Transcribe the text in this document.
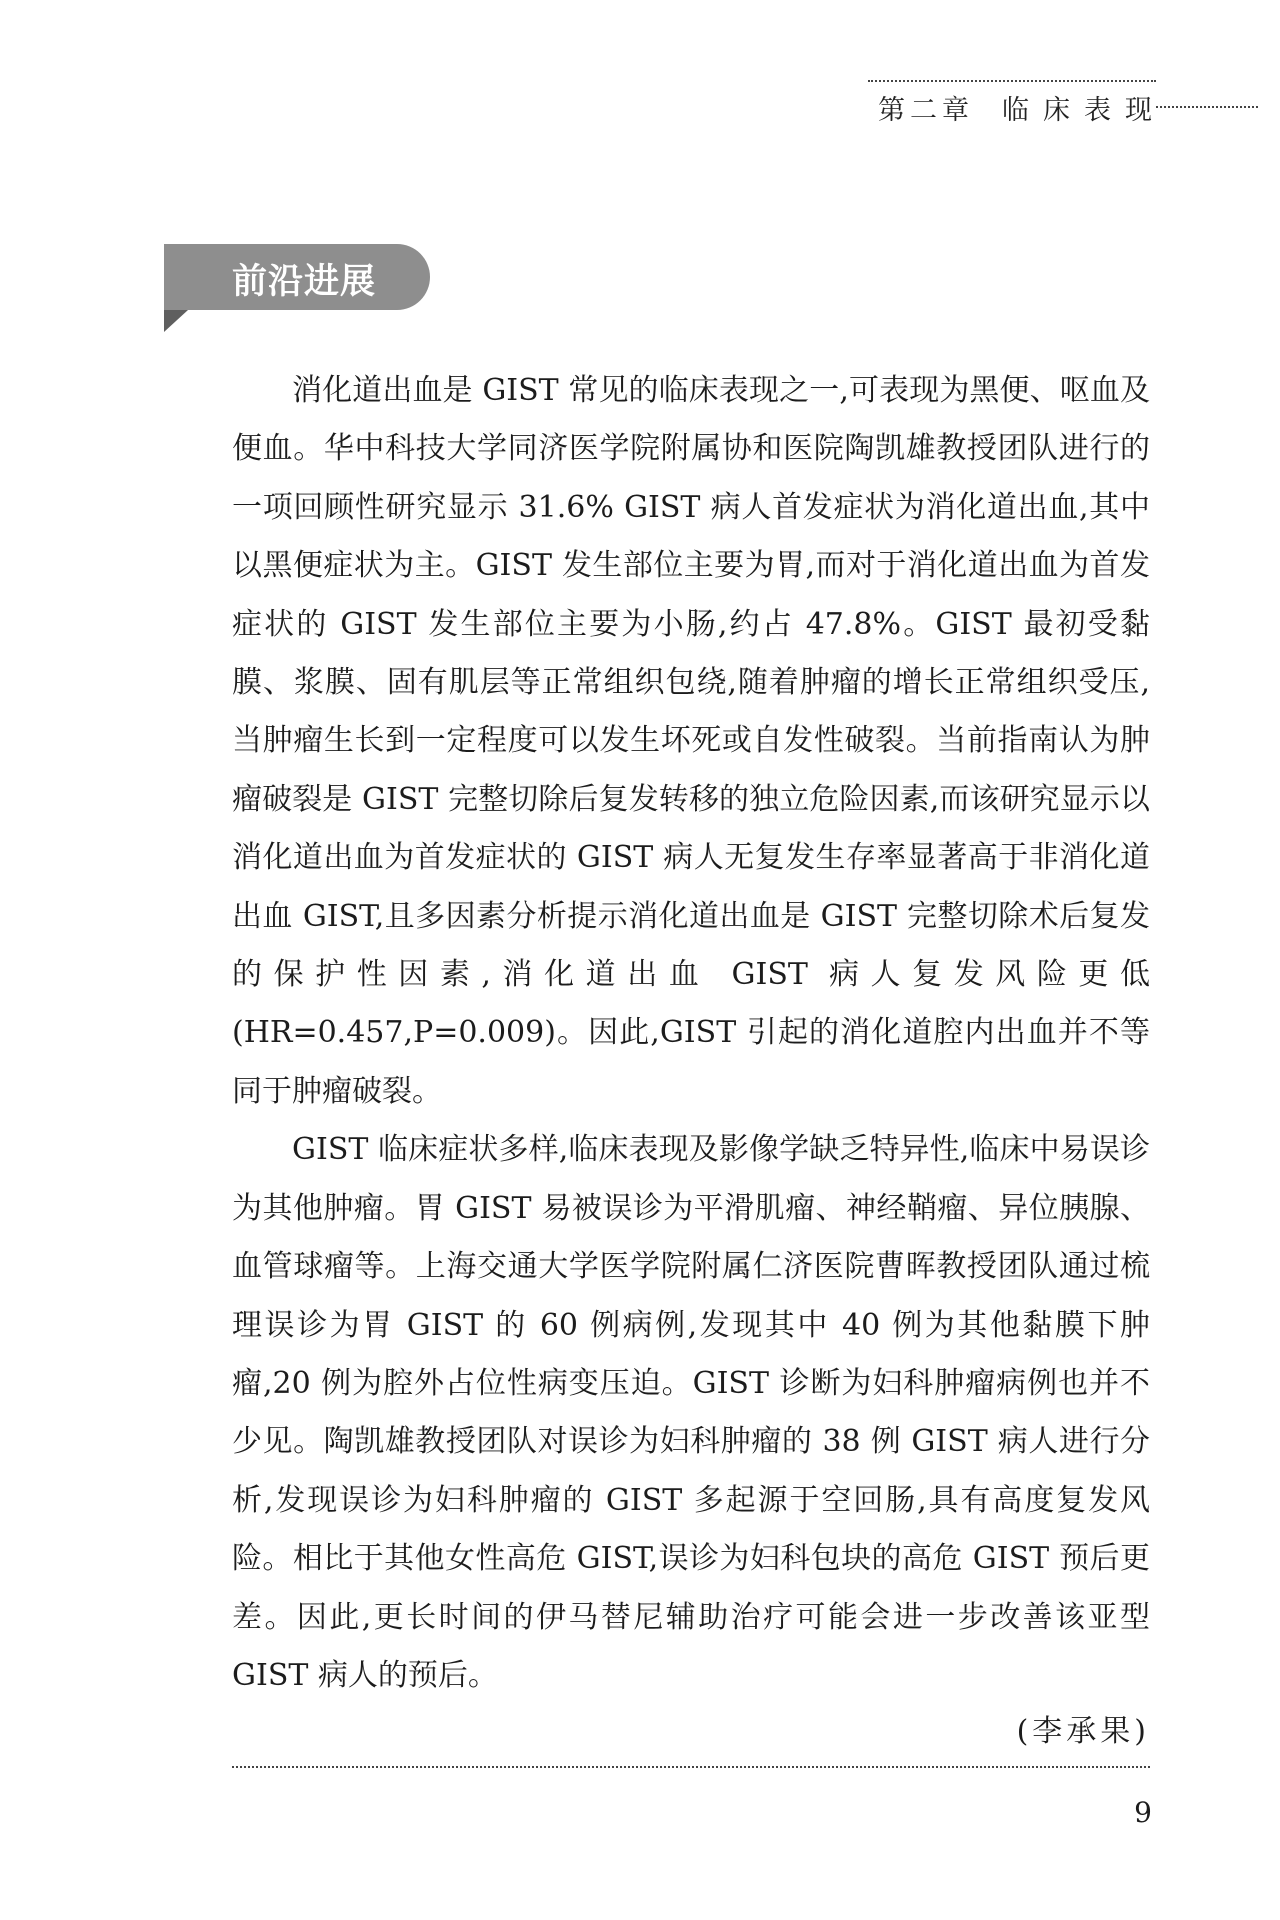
第二章 临床表现
前沿进展

消化道出血是 GIST 常见的临床表现之一,可表现为黑便、呕血及便血。华中科技大学同济医学院附属协和医院陶凯雄教授团队进行的一项回顾性研究显示 31.6% GIST 病人首发症状为消化道出血,其中以黑便症状为主。GIST 发生部位主要为胃,而对于消化道出血为首发症状的 GIST 发生部位主要为小肠,约占 47.8%。GIST 最初受黏膜、浆膜、固有肌层等正常组织包绕,随着肿瘤的增长正常组织受压,当肿瘤生长到一定程度可以发生坏死或自发性破裂。当前指南认为肿瘤破裂是 GIST 完整切除后复发转移的独立危险因素,而该研究显示以消化道出血为首发症状的 GIST 病人无复发生存率显著高于非消化道出血 GIST,且多因素分析提示消化道出血是 GIST 完整切除术后复发的保护性因素,消化道出血 GIST 病人复发风险更低(HR=0.457,P=0.009)。因此,GIST 引起的消化道腔内出血并不等同于肿瘤破裂。

GIST 临床症状多样,临床表现及影像学缺乏特异性,临床中易误诊为其他肿瘤。胃 GIST 易被误诊为平滑肌瘤、神经鞘瘤、异位胰腺、血管球瘤等。上海交通大学医学院附属仁济医院曹晖教授团队通过梳理误诊为胃 GIST 的 60 例病例,发现其中 40 例为其他黏膜下肿瘤,20 例为腔外占位性病变压迫。GIST 诊断为妇科肿瘤病例也并不少见。陶凯雄教授团队对误诊为妇科肿瘤的 38 例 GIST 病人进行分析,发现误诊为妇科肿瘤的 GIST 多起源于空回肠,具有高度复发风险。相比于其他女性高危 GIST,误诊为妇科包块的高危 GIST 预后更差。因此,更长时间的伊马替尼辅助治疗可能会进一步改善该亚型 GIST 病人的预后。

(李承果)
9
